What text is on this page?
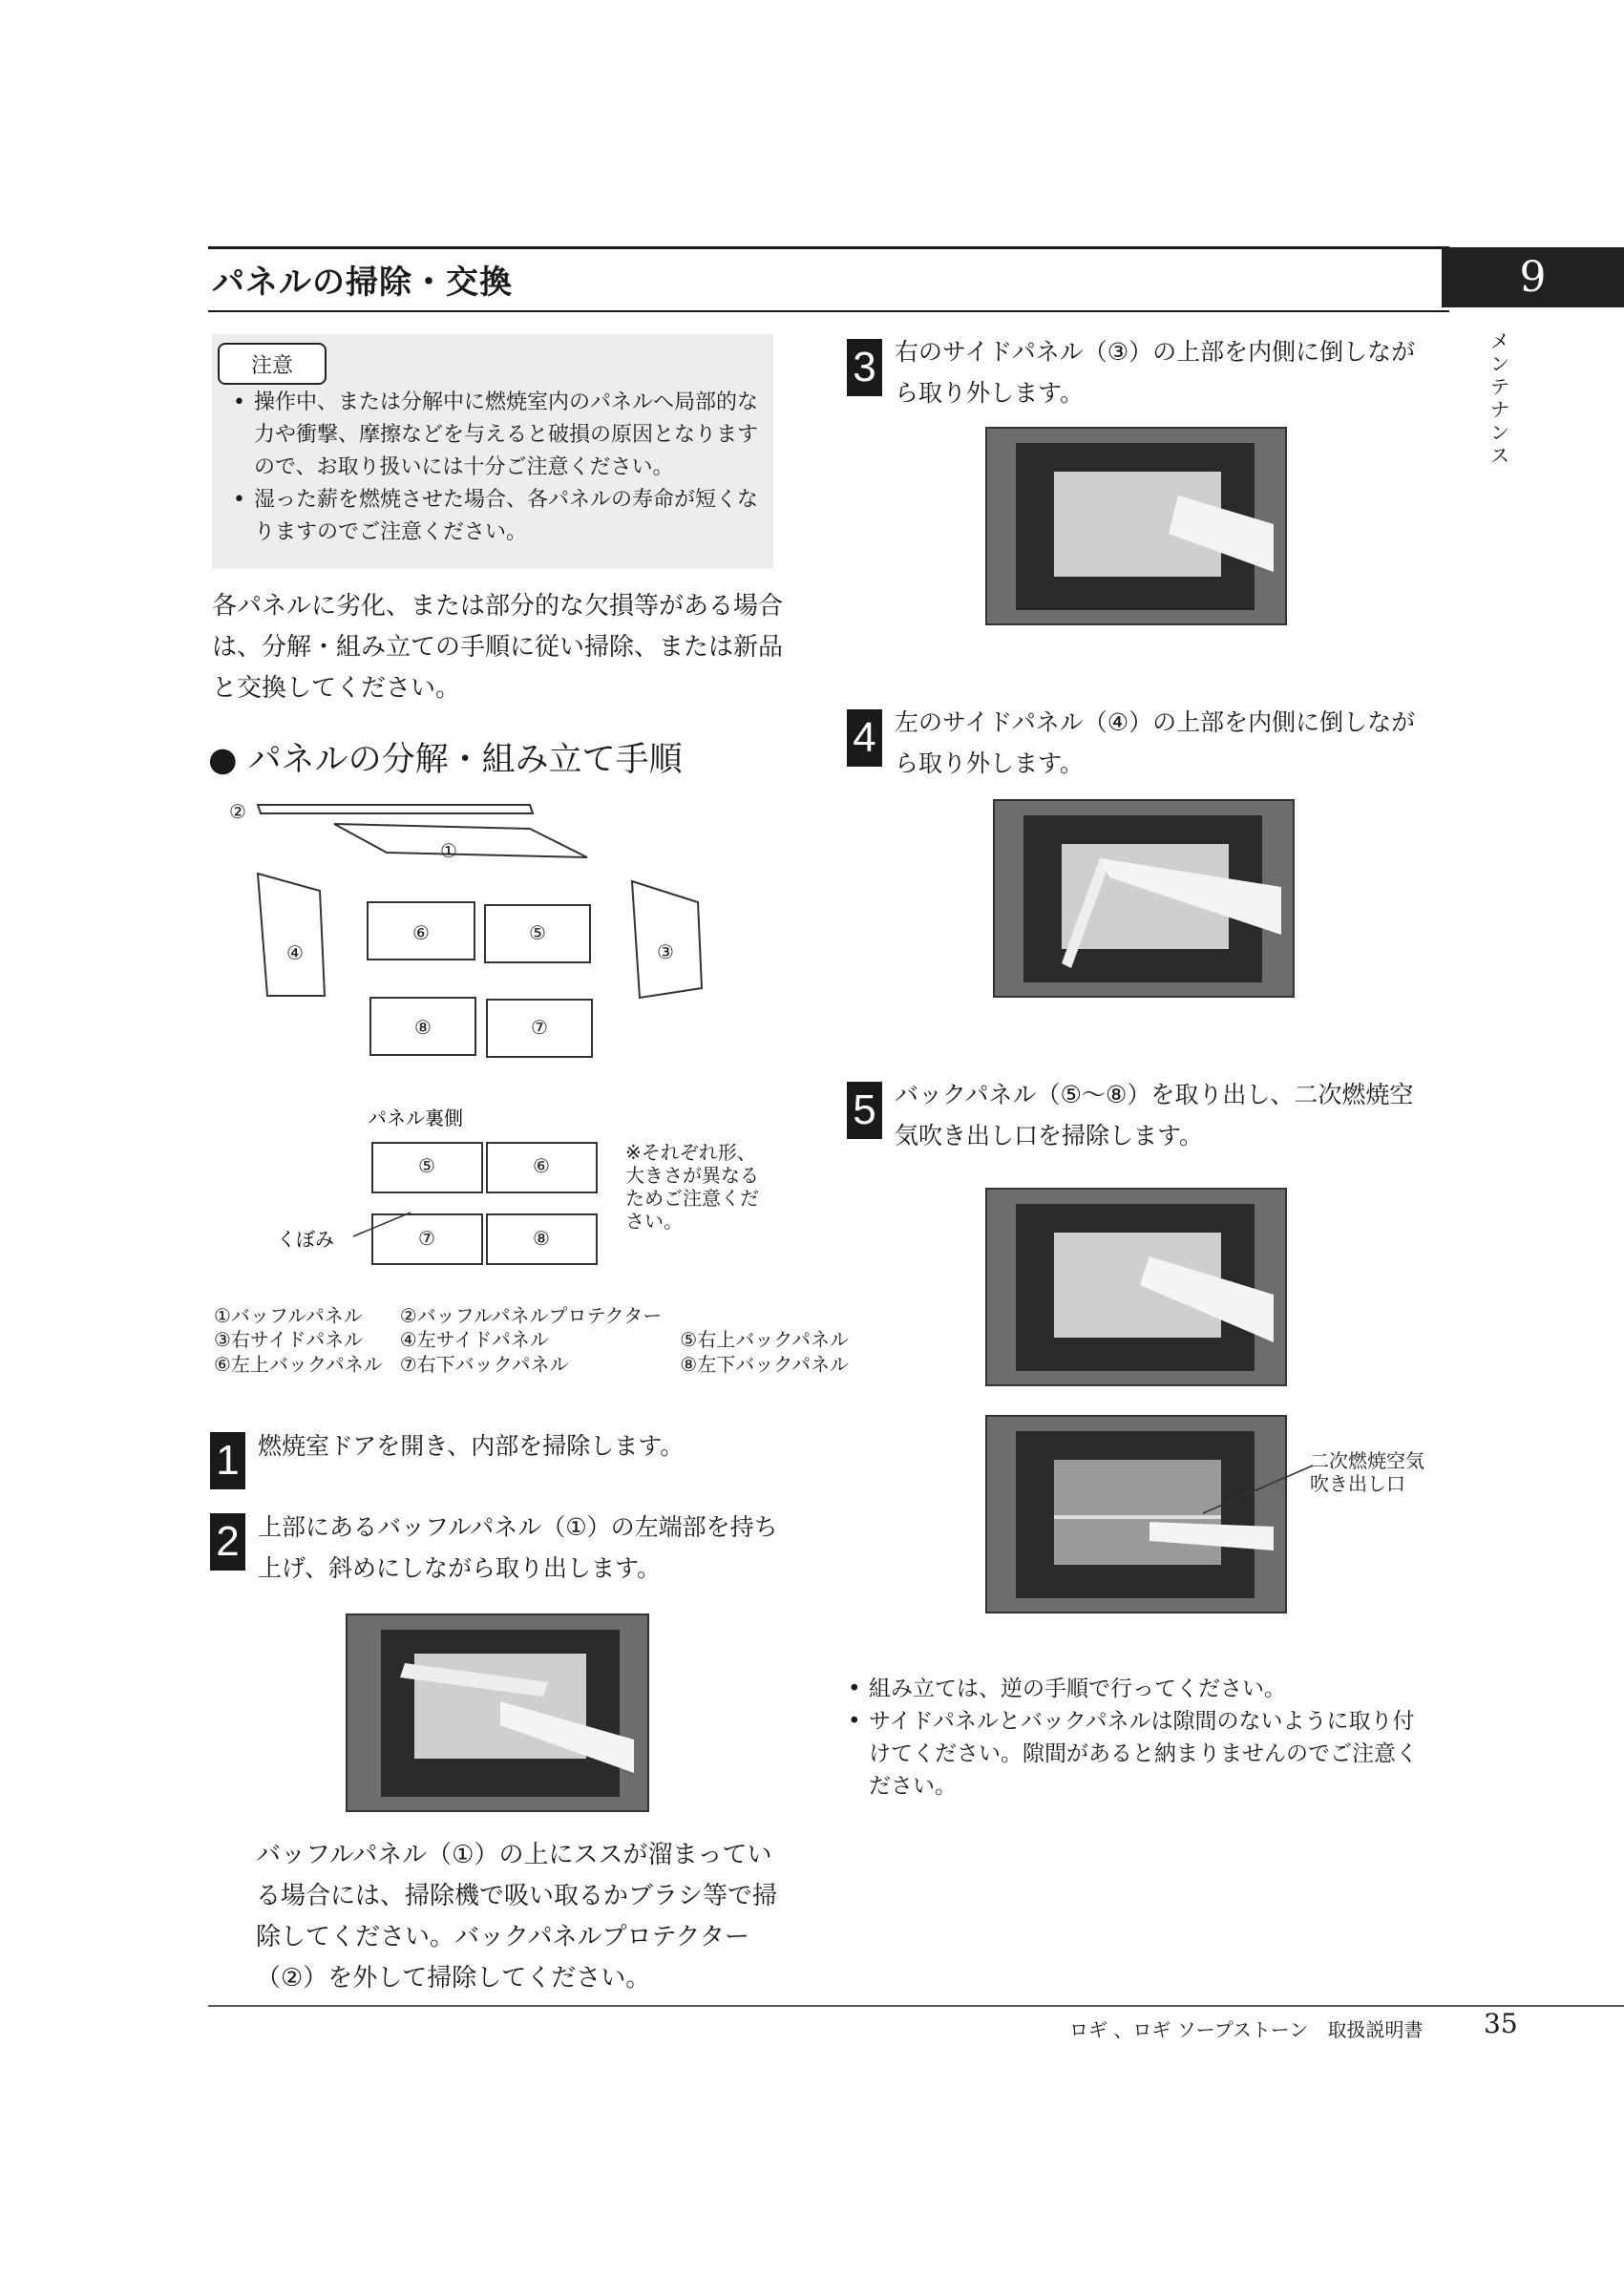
パネルの掃除・交換	9
メ
ン
テ
ナ
ン
ス
注意
• 操作中、または分解中に燃焼室内のパネルへ局部的な力や衝撃、摩擦などを与えると破損の原因となりますので、お取り扱いには十分ご注意ください。
• 湿った薪を燃焼させた場合、各パネルの寿命が短くなりますのでご注意ください。
各パネルに劣化、または部分的な欠損等がある場合は、分解・組み立ての手順に従い掃除、または新品と交換してください。
● パネルの分解・組み立て手順
②
①
④
⑥	⑤
③
⑧	⑦
⑤	⑥
⑦	⑧
パネル裏側
くぼみ
※それぞれ形、大きさが異なるためご注意ください。
①バッフルパネル	②バッフルパネルプロテクター	
③右サイドパネル	④左サイドパネル	⑤右上バックパネル
⑥左上バックパネル	⑦右下バックパネル	⑧左下バックパネル
1 燃焼室ドアを開き、内部を掃除します。
2 上部にあるバッフルパネル（①）の左端部を持ち上げ、斜めにしながら取り出します。
バッフルパネル（①）の上にススが溜まっている場合には、掃除機で吸い取るかブラシ等で掃除してください。バックパネルプロテクター（②）を外して掃除してください。
3 右のサイドパネル（③）の上部を内側に倒しながら取り外します。
4 左のサイドパネル（④）の上部を内側に倒しながら取り外します。
5 バックパネル（⑤～⑧）を取り出し、二次燃焼空気吹き出し口を掃除します。
二次燃焼空気吹き出し口
• 組み立ては、逆の手順で行ってください。
• サイドパネルとバックパネルは隙間のないように取り付けてください。隙間があると納まりませんのでご注意ください。
ロギ 、ロギ ソープストーン　取扱説明書 35
